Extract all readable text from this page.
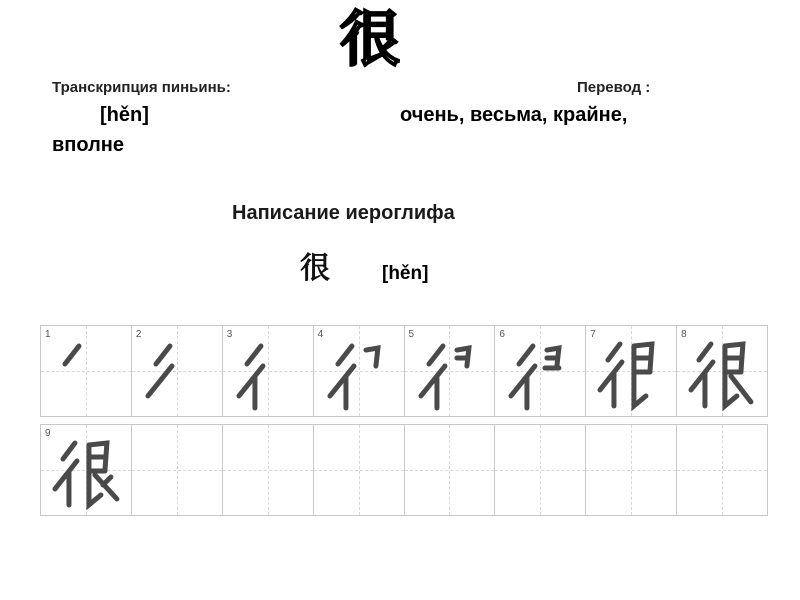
很
Транскрипция пиньинь:
[hěn]
Перевод :
очень, весьма, крайне,
вполне
Написание иероглифа
很	[hěn]
1	2	3	4	5	6	7	8
9
